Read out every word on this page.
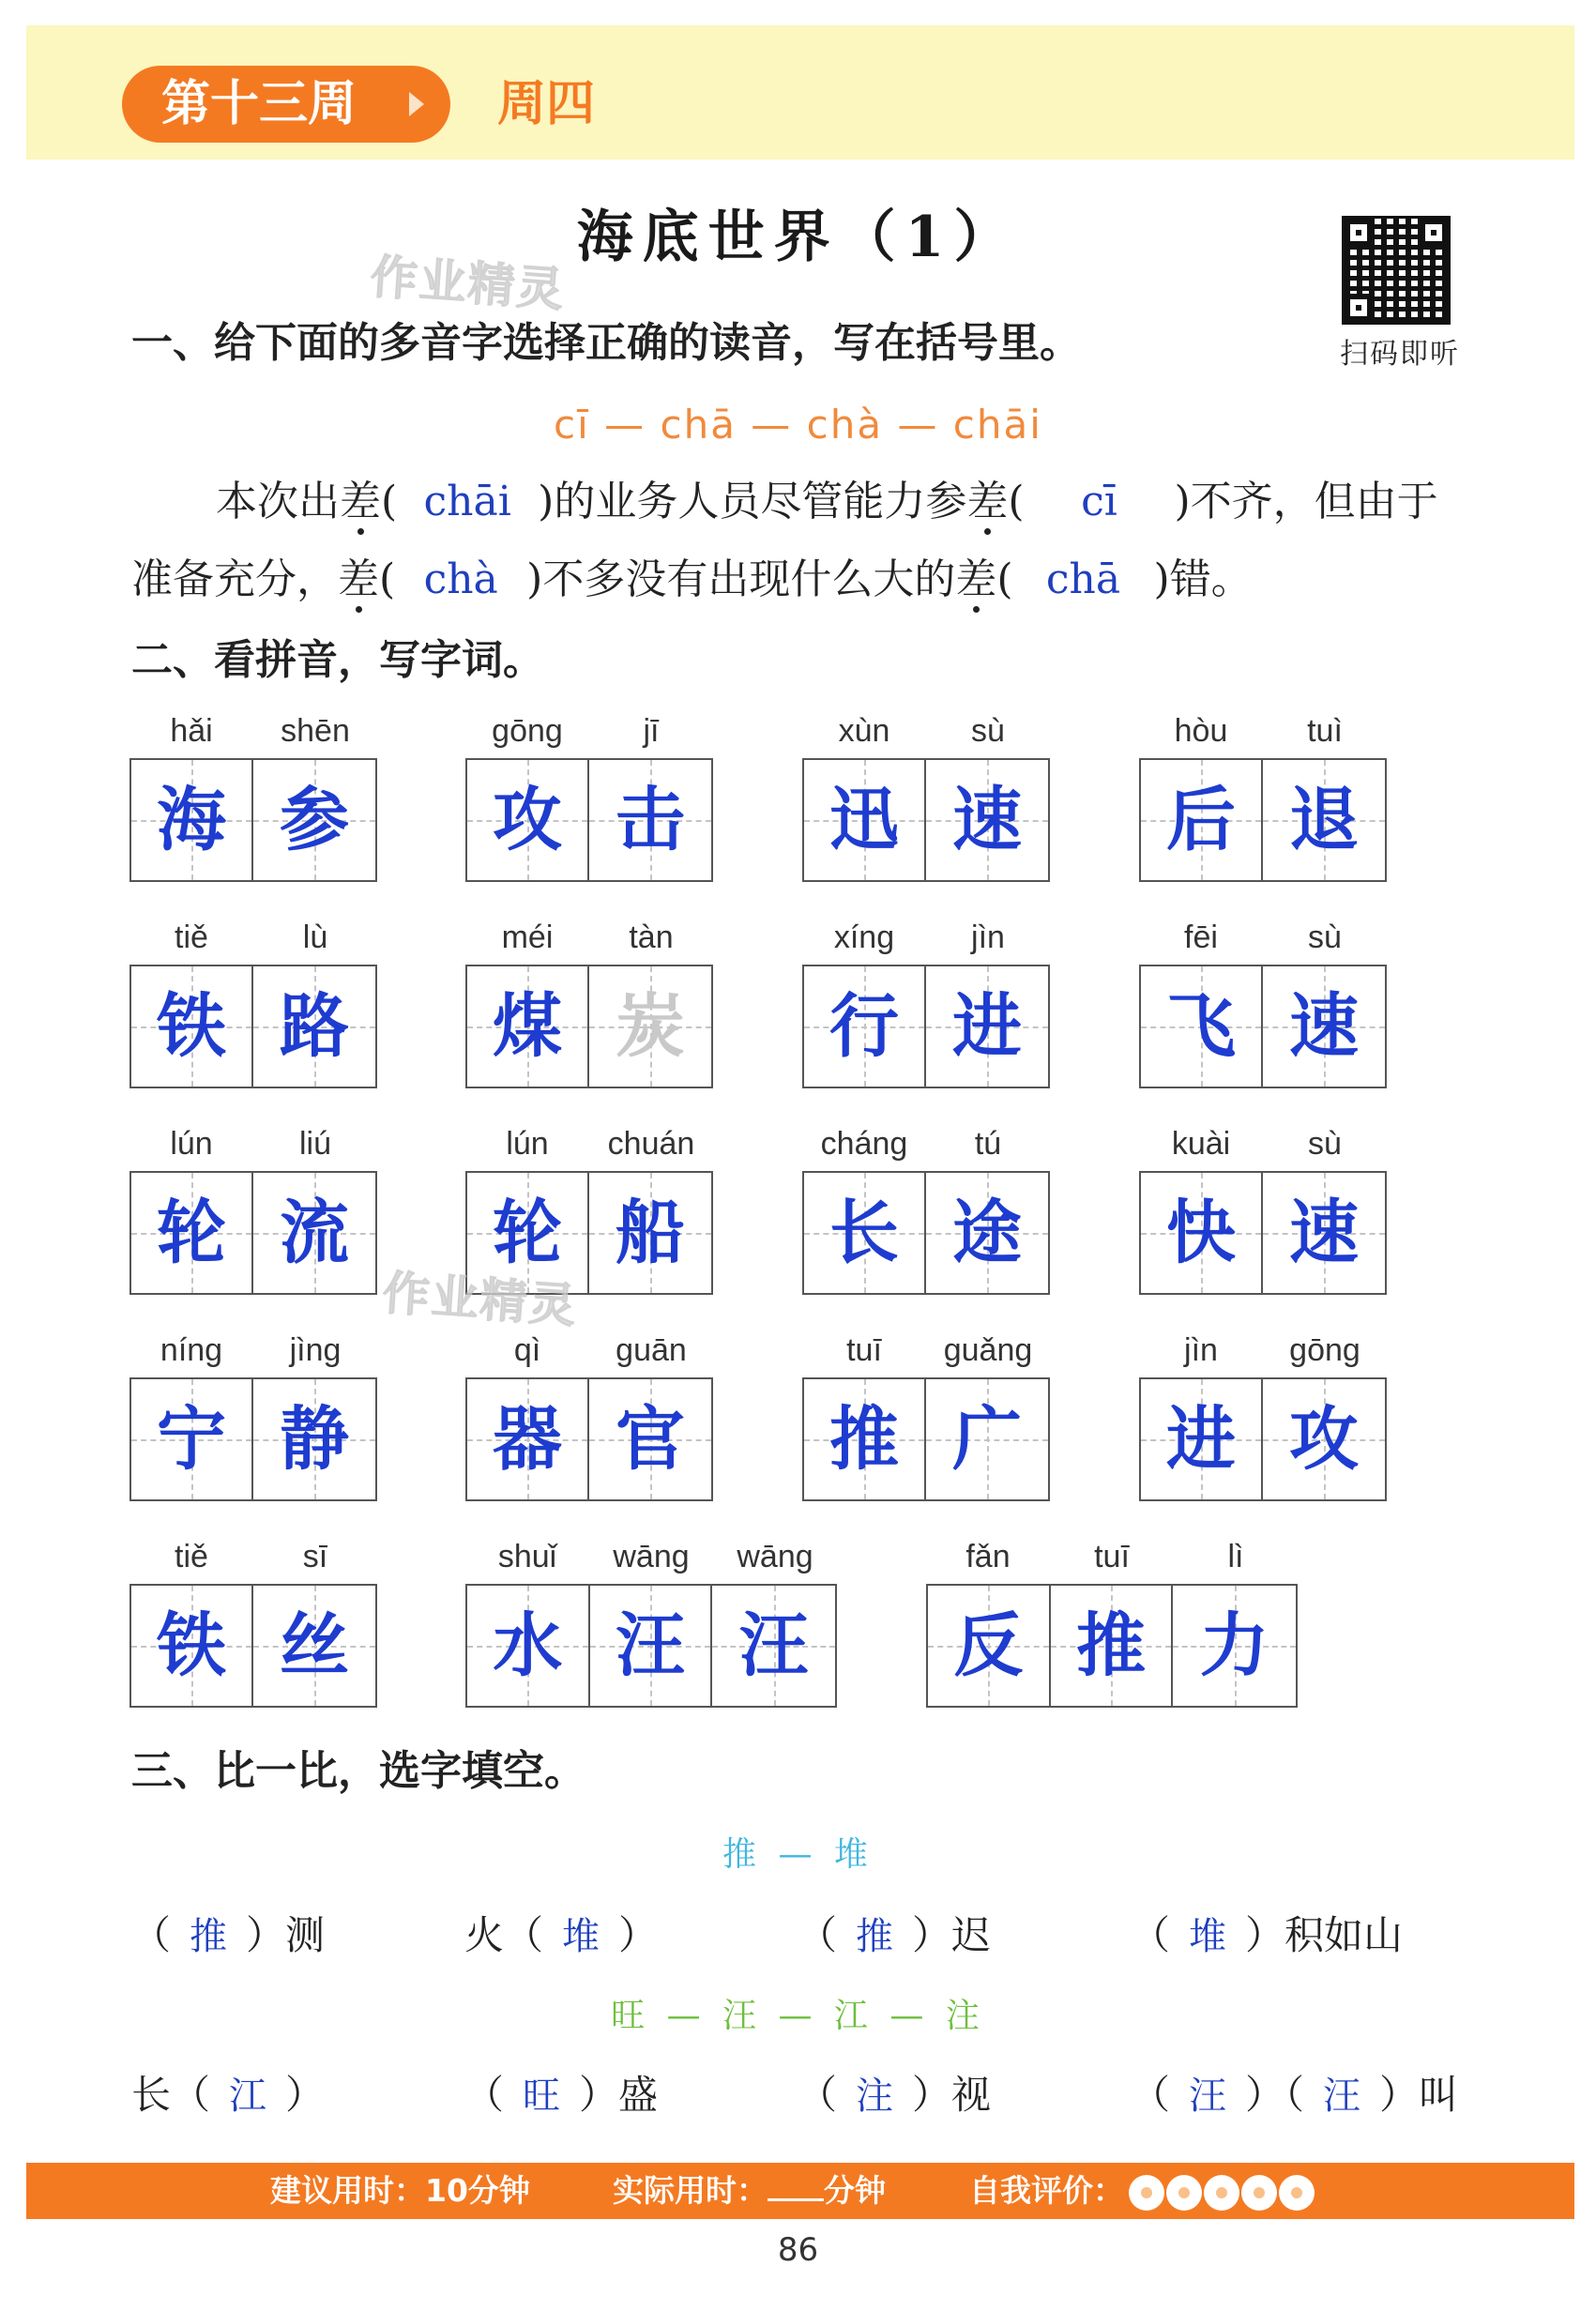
第十三周	周四
海底世界（1）
作业精灵
扫码即听
一、给下面的多音字选择正确的读音，写在括号里。
cī — chā — chà — chāi
本次出差( chāi )的业务人员尽管能力参差( cī )不齐，但由于
准备充分，差( chà )不多没有出现什么大的差( chā )错。
二、看拼音，写字词。
hǎi	shēn
海 参
gōng	jī
攻 击
xùn	sù
迅 速
hòu	tuì
后 退
tiě	lù
铁 路
méi	tàn
煤 炭
xíng	jìn
行 进
fēi	sù
飞 速
lún	liú
轮 流
lún	chuán
轮 船
cháng	tú
长 途
kuài	sù
快 速
níng	jìng
宁 静
qì	guān
器 官
tuī	guǎng
推 广
jìn	gōng
进 攻
tiě	sī
铁 丝
shuǐ	wāng	wāng
水 汪 汪
fǎn	tuī	lì
反 推 力
作业精灵
三、比一比，选字填空。
推 — 堆
（ 推 ）测	火（ 堆 ）	（ 推 ）迟	（ 堆 ）积如山
旺 — 汪 — 江 — 注
长（ 江 ）	（ 旺 ）盛	（ 注 ）视	（ 汪 ）（ 汪 ）叫
建议用时：10分钟	实际用时： 分钟	自我评价：
86
